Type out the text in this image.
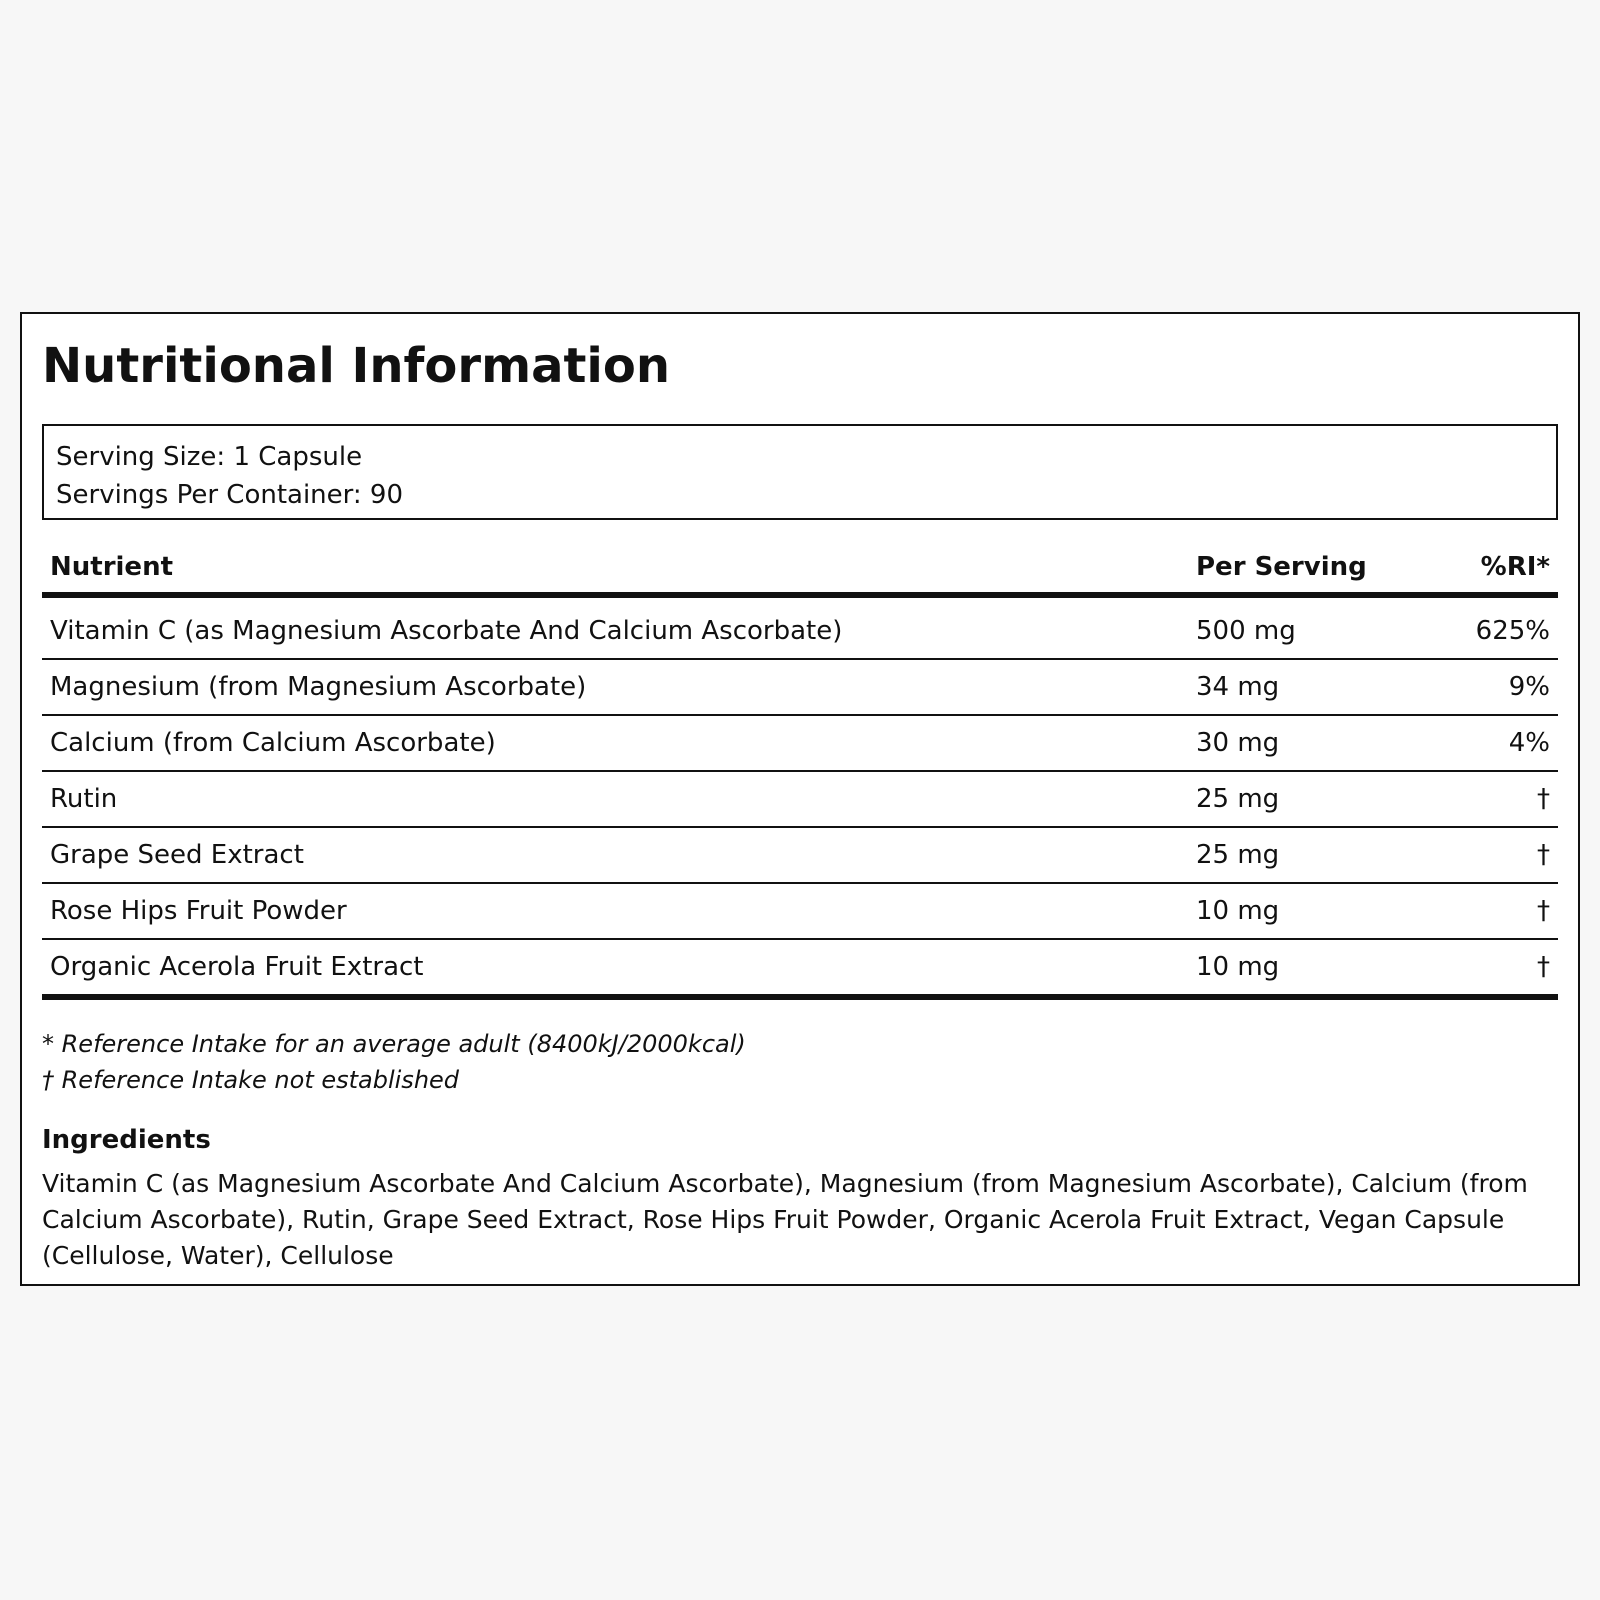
Nutritional Information
Serving Size: 1 Capsule
Servings Per Container: 90
Nutrient	Per Serving	%RI*
Vitamin C (as Magnesium Ascorbate And Calcium Ascorbate)	500 mg	625%
Magnesium (from Magnesium Ascorbate)	34 mg	9%
Calcium (from Calcium Ascorbate)	30 mg	4%
Rutin	25 mg	†
Grape Seed Extract	25 mg	†
Rose Hips Fruit Powder	10 mg	†
Organic Acerola Fruit Extract	10 mg	†
* Reference Intake for an average adult (8400kJ/2000kcal)
† Reference Intake not established
Ingredients
Vitamin C (as Magnesium Ascorbate And Calcium Ascorbate), Magnesium (from Magnesium Ascorbate), Calcium (from Calcium Ascorbate), Rutin, Grape Seed Extract, Rose Hips Fruit Powder, Organic Acerola Fruit Extract, Vegan Capsule (Cellulose, Water), Cellulose
